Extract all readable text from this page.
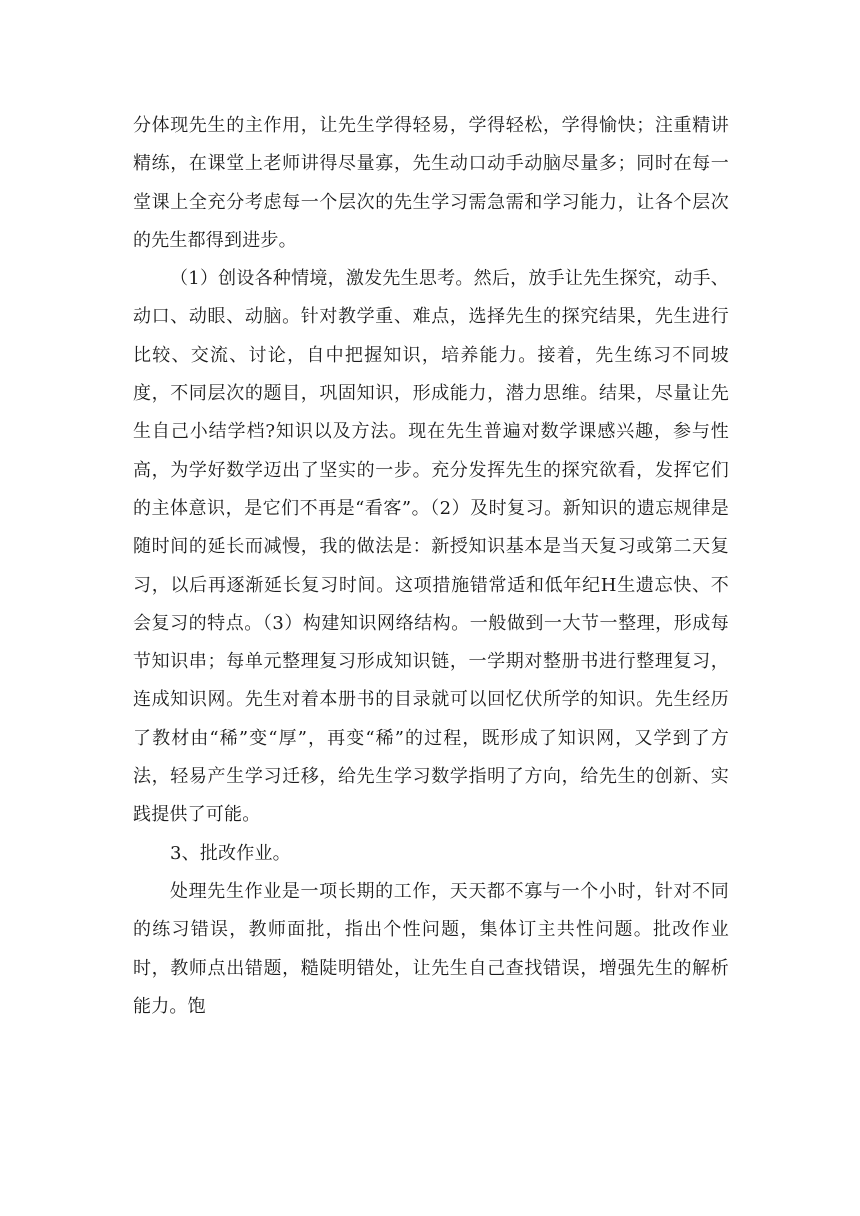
分体现先生的主作用，让先生学得轻易，学得轻松，学得愉快；注重精讲精练，在课堂上老师讲得尽量寡，先生动口动手动脑尽量多；同时在每一堂课上全充分考虑每一个层次的先生学习需急需和学习能力，让各个层次的先生都得到进步。

（1）创设各种情境，激发先生思考。然后，放手让先生探究，动手、动口、动眼、动脑。针对教学重、难点，选择先生的探究结果，先生进行比较、交流、讨论，自中把握知识，培养能力。接着，先生练习不同坡度，不同层次的题目，巩固知识，形成能力，潜力思维。结果，尽量让先生自己小结学档?知识以及方法。现在先生普遍对数学课感兴趣，参与性高，为学好数学迈出了坚实的一步。充分发挥先生的探究欲看，发挥它们的主体意识，是它们不再是“看客”。（2）及时复习。新知识的遗忘规律是随时间的延长而减慢，我的做法是：新授知识基本是当天复习或第二天复习，以后再逐渐延长复习时间。这项措施错常适和低年纪Н生遗忘快、不会复习的特点。（3）构建知识网络结构。一般做到一大节一整理，形成每节知识串；每单元整理复习形成知识链，一学期对整册书进行整理复习，连成知识网。先生对着本册书的目录就可以回忆伏所学的知识。先生经历了教材由“稀”变“厚”，再变“稀”的过程，既形成了知识网，又学到了方法，轻易产生学习迁移，给先生学习数学指明了方向，给先生的创新、实践提供了可能。

3、批改作业。

处理先生作业是一项长期的工作，天天都不寡与一个小时，针对不同的练习错误，教师面批，指出个性问题，集体订主共性问题。批改作业时，教师点出错题，糙陡明错处，让先生自己查找错误，增强先生的解析能力。饱
